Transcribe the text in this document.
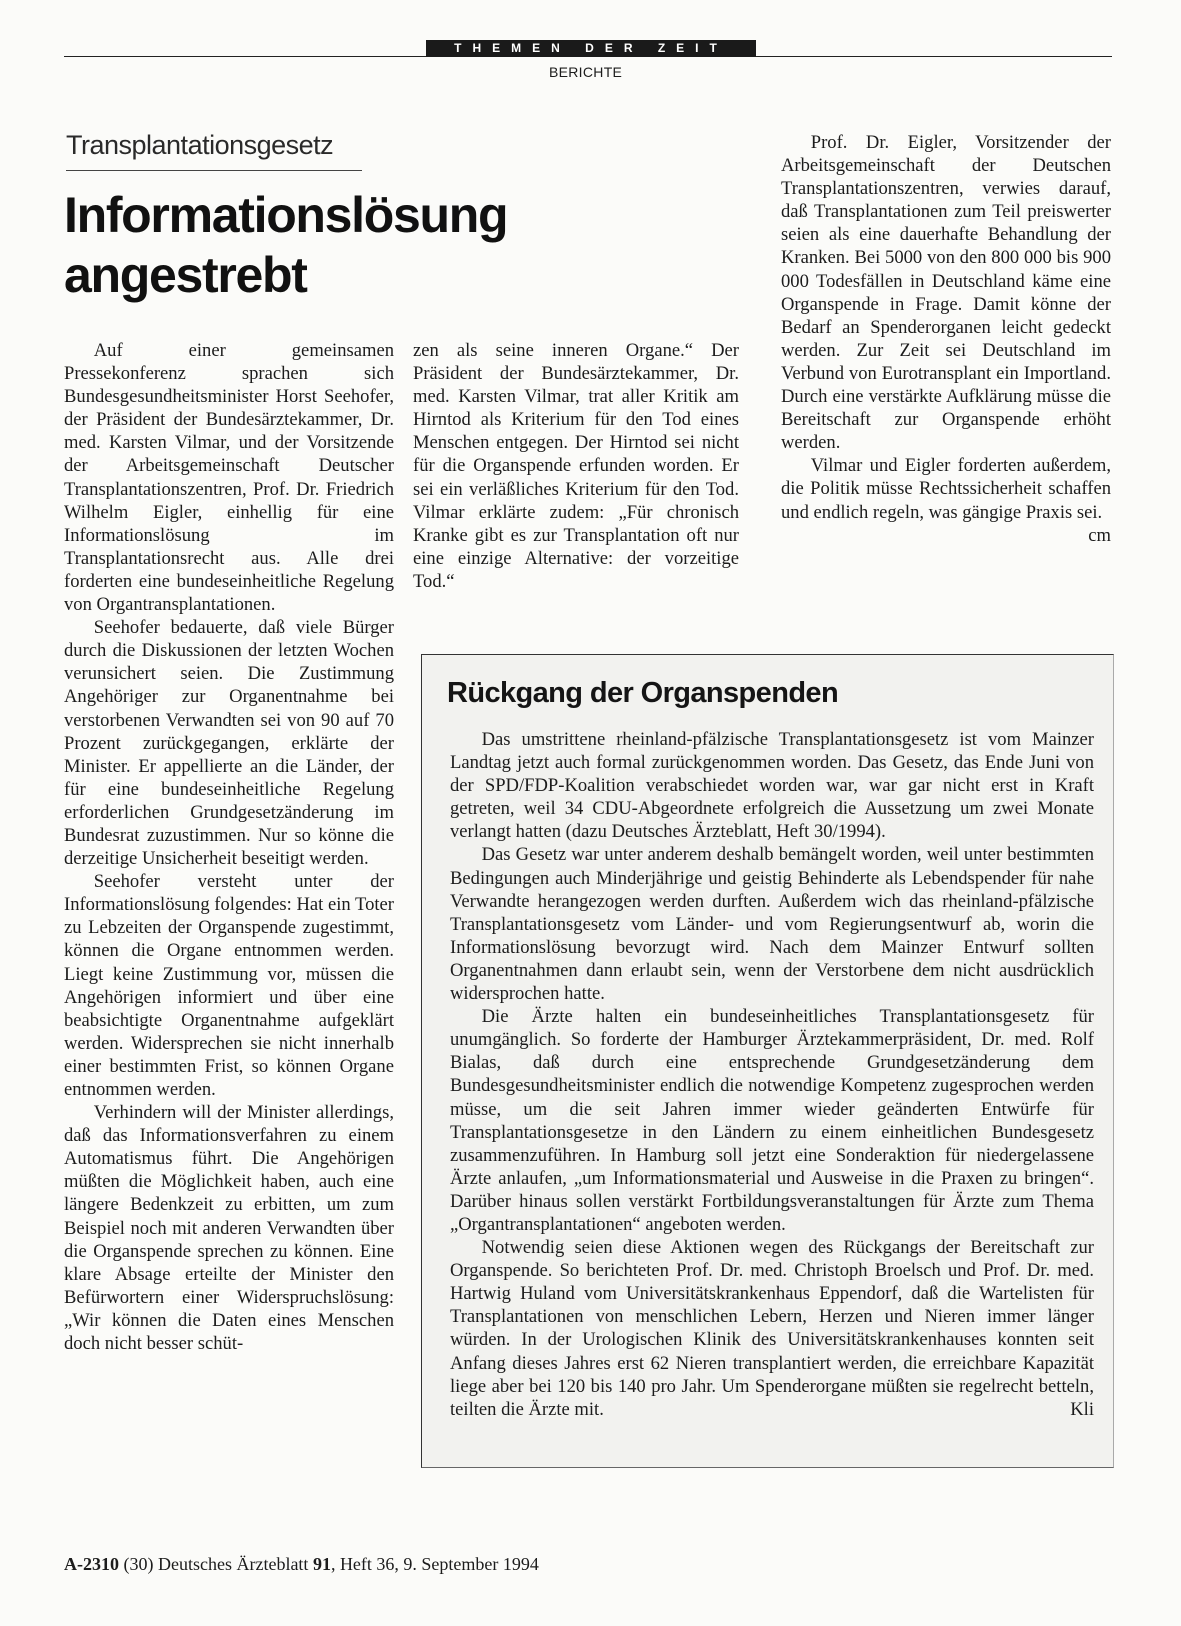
THEMEN DER ZEIT
BERICHTE
Transplantationsgesetz
Informationslösung angestrebt

Auf einer gemeinsamen Pressekonferenz sprachen sich Bundesgesundheitsminister Horst Seehofer, der Präsident der Bundesärztekammer, Dr. med. Karsten Vilmar, und der Vorsitzende der Arbeitsgemeinschaft Deutscher Transplantationszentren, Prof. Dr. Friedrich Wilhelm Eigler, einhellig für eine Informationslösung im Transplantationsrecht aus. Alle drei forderten eine bundeseinheitliche Regelung von Organtransplantationen.

Seehofer bedauerte, daß viele Bürger durch die Diskussionen der letzten Wochen verunsichert seien. Die Zustimmung Angehöriger zur Organentnahme bei verstorbenen Verwandten sei von 90 auf 70 Prozent zurückgegangen, erklärte der Minister. Er appellierte an die Länder, der für eine bundeseinheitliche Regelung erforderlichen Grundgesetzänderung im Bundesrat zuzustimmen. Nur so könne die derzeitige Unsicherheit beseitigt werden.

Seehofer versteht unter der Informationslösung folgendes: Hat ein Toter zu Lebzeiten der Organspende zugestimmt, können die Organe entnommen werden. Liegt keine Zustimmung vor, müssen die Angehörigen informiert und über eine beabsichtigte Organentnahme aufgeklärt werden. Widersprechen sie nicht innerhalb einer bestimmten Frist, so können Organe entnommen werden.

Verhindern will der Minister allerdings, daß das Informationsverfahren zu einem Automatismus führt. Die Angehörigen müßten die Möglichkeit haben, auch eine längere Bedenkzeit zu erbitten, um zum Beispiel noch mit anderen Verwandten über die Organspende sprechen zu können. Eine klare Absage erteilte der Minister den Befürwortern einer Widerspruchslösung: „Wir können die Daten eines Menschen doch nicht besser schüt-

zen als seine inneren Organe.“ Der Präsident der Bundesärztekammer, Dr. med. Karsten Vilmar, trat aller Kritik am Hirntod als Kriterium für den Tod eines Menschen entgegen. Der Hirntod sei nicht für die Organspende erfunden worden. Er sei ein verläßliches Kriterium für den Tod. Vilmar erklärte zudem: „Für chronisch Kranke gibt es zur Transplantation oft nur eine einzige Alternative: der vorzeitige Tod.“

Prof. Dr. Eigler, Vorsitzender der Arbeitsgemeinschaft der Deutschen Transplantationszentren, verwies darauf, daß Transplantationen zum Teil preiswerter seien als eine dauerhafte Behandlung der Kranken. Bei 5000 von den 800 000 bis 900 000 Todesfällen in Deutschland käme eine Organspende in Frage. Damit könne der Bedarf an Spenderorganen leicht gedeckt werden. Zur Zeit sei Deutschland im Verbund von Eurotransplant ein Importland. Durch eine verstärkte Aufklärung müsse die Bereitschaft zur Organspende erhöht werden.

Vilmar und Eigler forderten außerdem, die Politik müsse Rechtssicherheit schaffen und endlich regeln, was gängige Praxis sei.
cm

Rückgang der Organspenden

Das umstrittene rheinland-pfälzische Transplantationsgesetz ist vom Mainzer Landtag jetzt auch formal zurückgenommen worden. Das Gesetz, das Ende Juni von der SPD/FDP-Koalition verabschiedet worden war, war gar nicht erst in Kraft getreten, weil 34 CDU-Abgeordnete erfolgreich die Aussetzung um zwei Monate verlangt hatten (dazu Deutsches Ärzteblatt, Heft 30/1994).

Das Gesetz war unter anderem deshalb bemängelt worden, weil unter bestimmten Bedingungen auch Minderjährige und geistig Behinderte als Lebendspender für nahe Verwandte herangezogen werden durften. Außerdem wich das rheinland-pfälzische Transplantationsgesetz vom Länder- und vom Regierungsentwurf ab, worin die Informationslösung bevorzugt wird. Nach dem Mainzer Entwurf sollten Organentnahmen dann erlaubt sein, wenn der Verstorbene dem nicht ausdrücklich widersprochen hatte.

Die Ärzte halten ein bundeseinheitliches Transplantationsgesetz für unumgänglich. So forderte der Hamburger Ärztekammerpräsident, Dr. med. Rolf Bialas, daß durch eine entsprechende Grundgesetzänderung dem Bundesgesundheitsminister endlich die notwendige Kompetenz zugesprochen werden müsse, um die seit Jahren immer wieder geänderten Entwürfe für Transplantationsgesetze in den Ländern zu einem einheitlichen Bundesgesetz zusammenzuführen. In Hamburg soll jetzt eine Sonderaktion für niedergelassene Ärzte anlaufen, „um Informationsmaterial und Ausweise in die Praxen zu bringen“. Darüber hinaus sollen verstärkt Fortbildungsveranstaltungen für Ärzte zum Thema „Organtransplantationen“ angeboten werden.

Notwendig seien diese Aktionen wegen des Rückgangs der Bereitschaft zur Organspende. So berichteten Prof. Dr. med. Christoph Broelsch und Prof. Dr. med. Hartwig Huland vom Universitätskrankenhaus Eppendorf, daß die Wartelisten für Transplantationen von menschlichen Lebern, Herzen und Nieren immer länger würden. In der Urologischen Klinik des Universitätskrankenhauses konnten seit Anfang dieses Jahres erst 62 Nieren transplantiert werden, die erreichbare Kapazität liege aber bei 120 bis 140 pro Jahr. Um Spenderorgane müßten sie regelrecht betteln, teilten die Ärzte mit.	Kli

A-2310 (30) Deutsches Ärzteblatt 91, Heft 36, 9. September 1994
